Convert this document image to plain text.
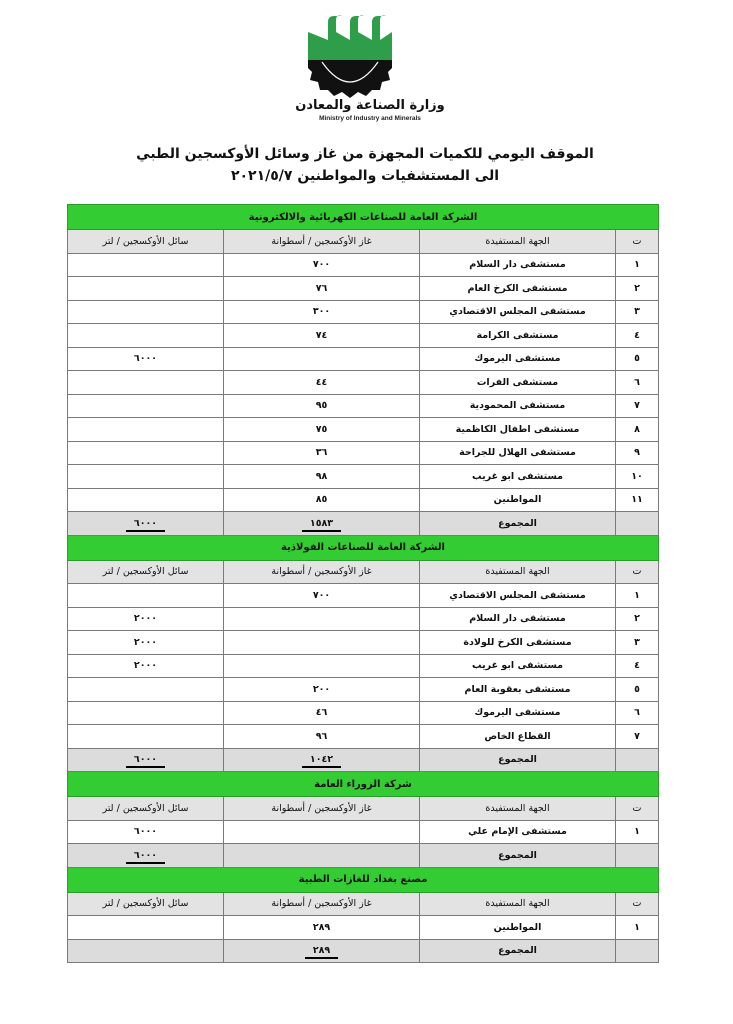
وزارة الصناعة والمعادن
Ministry of Industry and Minerals
الموقف اليومي للكميات المجهزة من غاز وسائل الأوكسجين الطبي
الى المستشفيات والمواطنين ٢٠٢١/٥/٧
الشركة العامة للصناعات الكهربائية والالكترونية			
ت	الجهة المستفيدة	غاز الأوكسجين / أسطوانة	سائل الأوكسجين / لتر
١	مستشفى دار السلام	٧٠٠	
٢	مستشفى الكرخ العام	٧٦	
٣	مستشفى المجلس الاقتصادي	٣٠٠	
٤	مستشفى الكرامة	٧٤	
٥	مستشفى اليرموك		٦٠٠٠
٦	مستشفى الفرات	٤٤	
٧	مستشفى المحمودية	٩٥	
٨	مستشفى اطفال الكاظمية	٧٥	
٩	مستشفى الهلال للجراحة	٣٦	
١٠	مستشفى ابو غريب	٩٨	
١١	المواطنين	٨٥	
	المجموع	١٥٨٣	٦٠٠٠
الشركة العامة للصناعات الفولاذية			
ت	الجهة المستفيدة	غاز الأوكسجين / أسطوانة	سائل الأوكسجين / لتر
١	مستشفى المجلس الاقتصادي	٧٠٠	
٢	مستشفى دار السلام		٢٠٠٠
٣	مستشفى الكرخ للولادة		٢٠٠٠
٤	مستشفى ابو غريب		٢٠٠٠
٥	مستشفى بعقوبة العام	٢٠٠	
٦	مستشفى اليرموك	٤٦	
٧	القطاع الخاص	٩٦	
	المجموع	١٠٤٢	٦٠٠٠
شركة الزوراء العامة			
ت	الجهة المستفيدة	غاز الأوكسجين / أسطوانة	سائل الأوكسجين / لتر
١	مستشفى الإمام علي		٦٠٠٠
	المجموع		٦٠٠٠
مصنع بغداد للغازات الطبية			
ت	الجهة المستفيدة	غاز الأوكسجين / أسطوانة	سائل الأوكسجين / لتر
١	المواطنين	٢٨٩	
	المجموع	٢٨٩	
